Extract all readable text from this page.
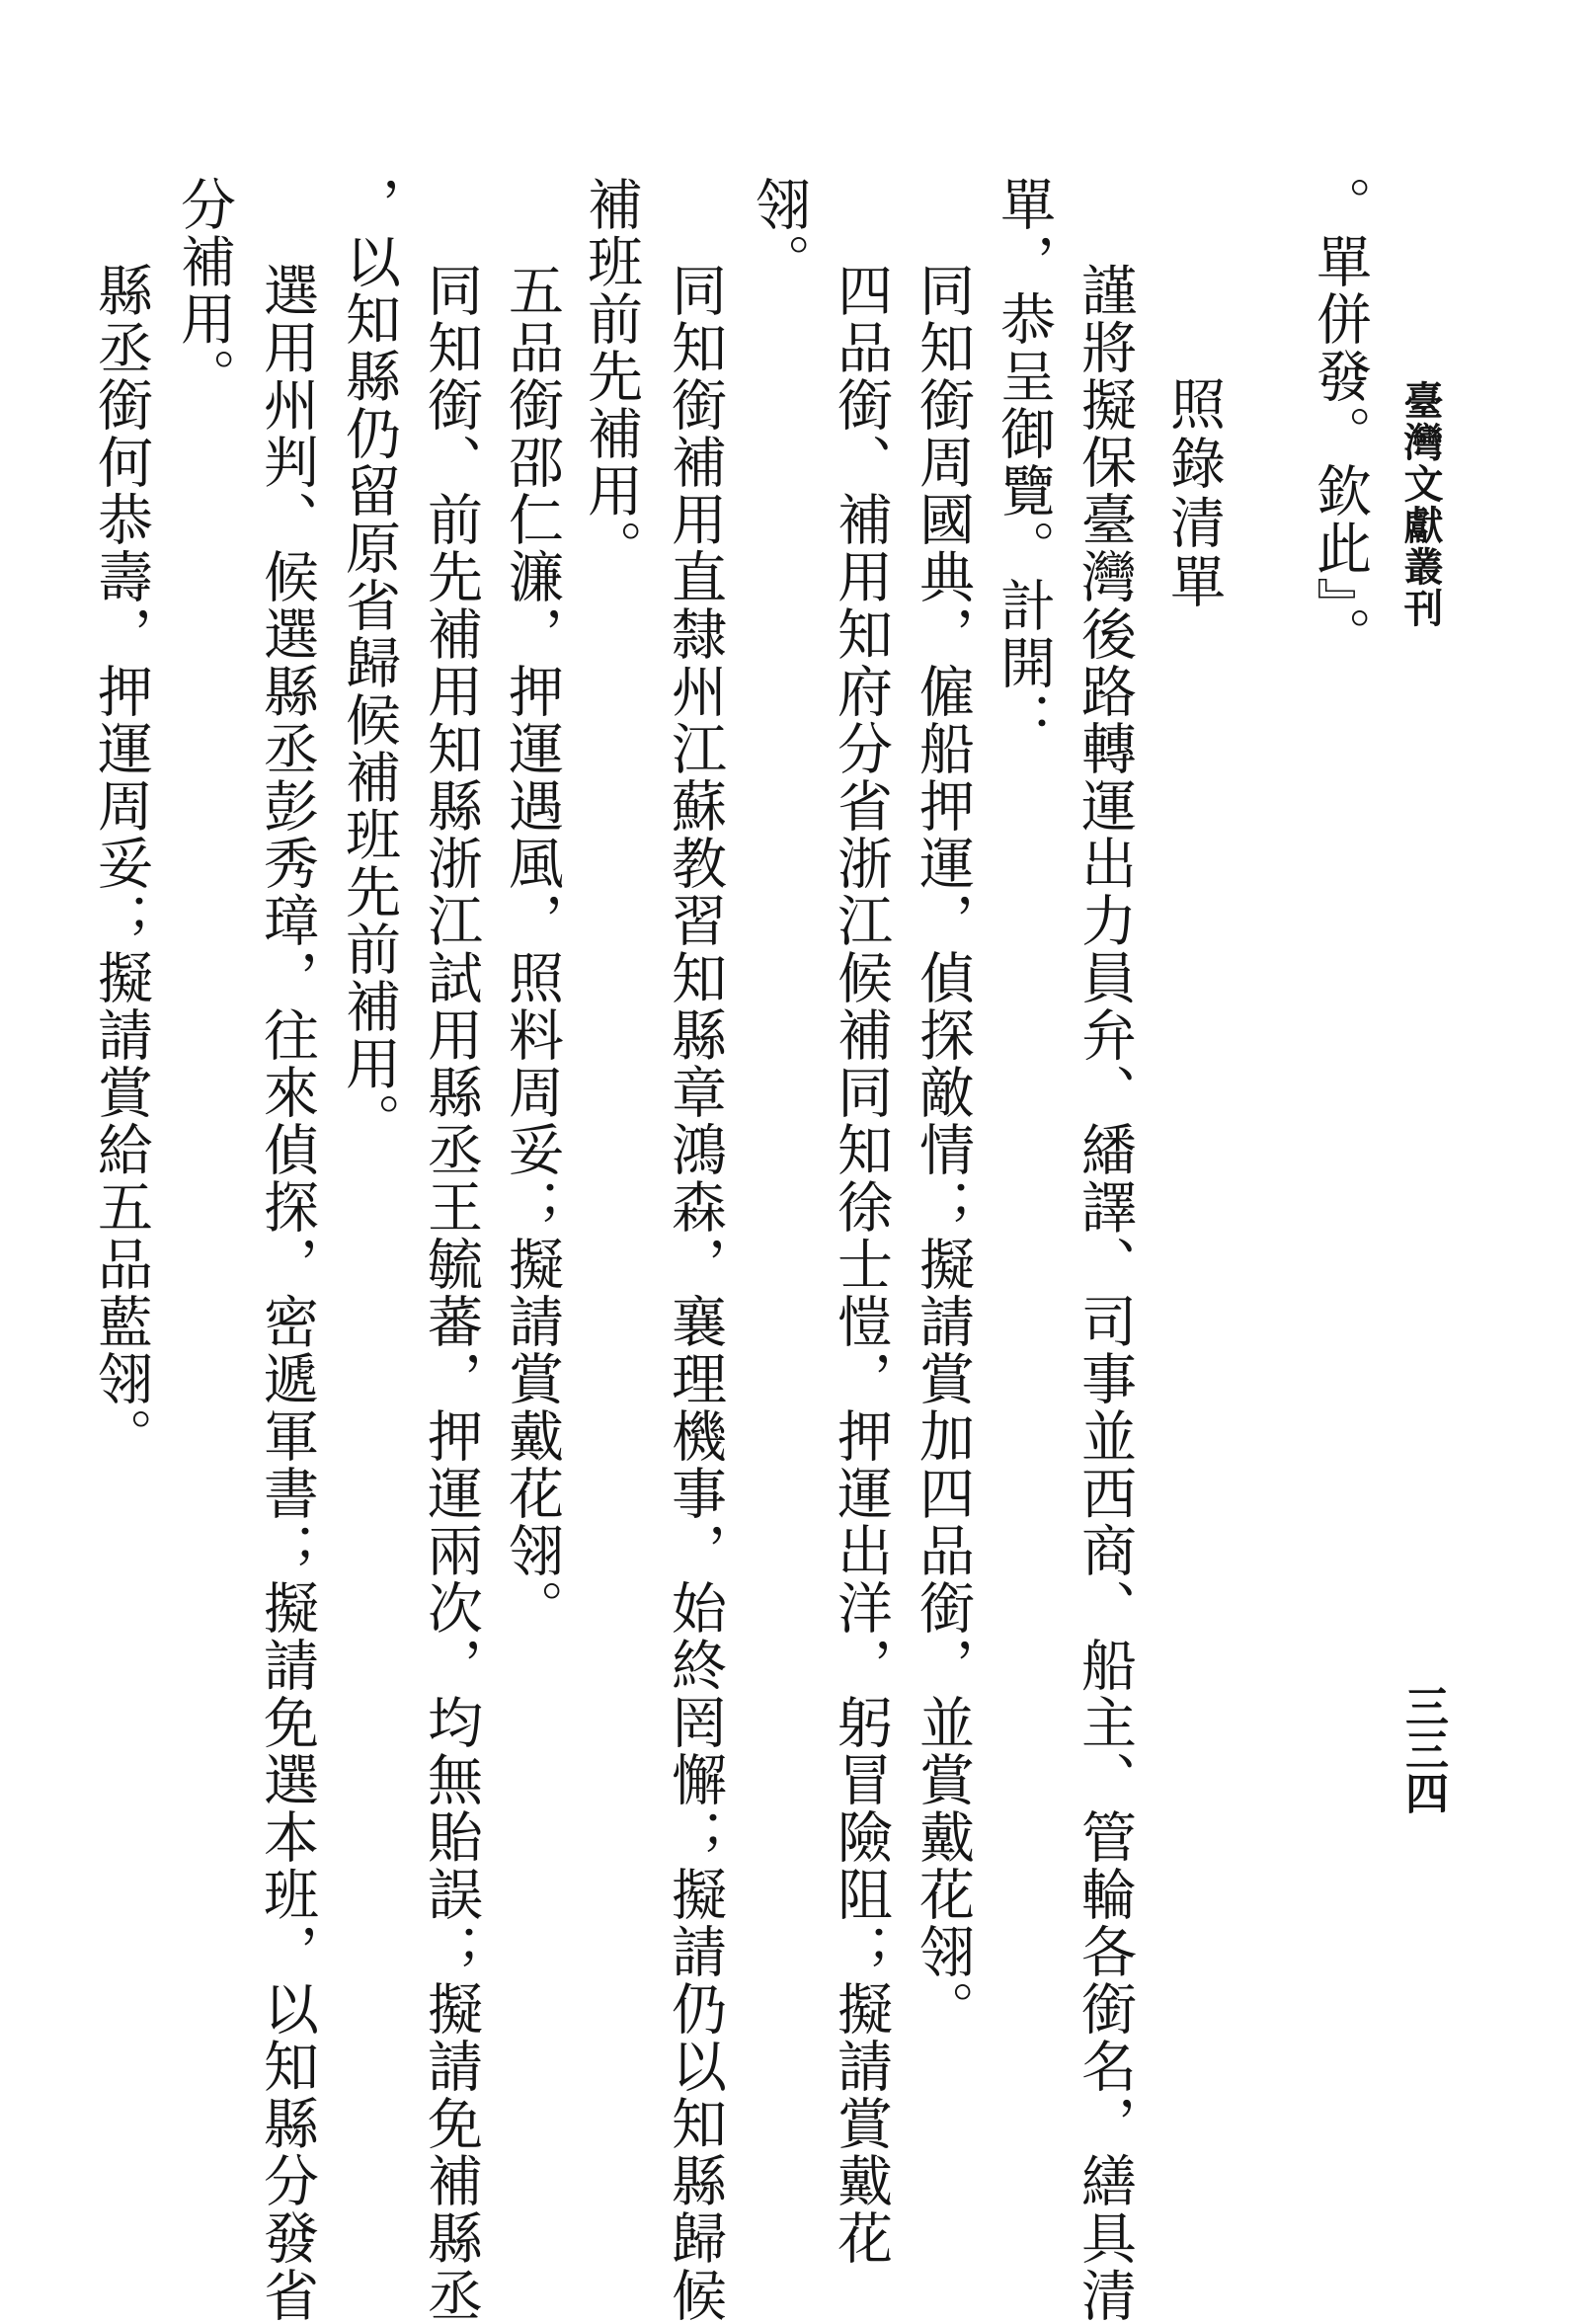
臺灣文獻叢刊
三三四
。單併發。欽此』。
照錄清單
謹將擬保臺灣後路轉運出力員弁、繙譯、司事並西商、船主、管輪各銜名，繕具清
單，恭呈御覽。計開：
同知銜周國典，僱船押運，偵探敵情；擬請賞加四品銜，並賞戴花翎。
四品銜、補用知府分省浙江候補同知徐士愷，押運出洋，躬冒險阻；擬請賞戴花
翎。
同知銜補用直隸州江蘇教習知縣章鴻森，襄理機事，始終罔懈；擬請仍以知縣歸候
補班前先補用。
五品銜邵仁濂，押運遇風，照料周妥；擬請賞戴花翎。
同知銜、前先補用知縣浙江試用縣丞王毓蕃，押運兩次，均無貽誤；擬請免補縣丞
，以知縣仍留原省歸候補班先前補用。
選用州判、候選縣丞彭秀璋，往來偵探，密遞軍書；擬請免選本班，以知縣分發省
分補用。
縣丞銜何恭壽，押運周妥；擬請賞給五品藍翎。
